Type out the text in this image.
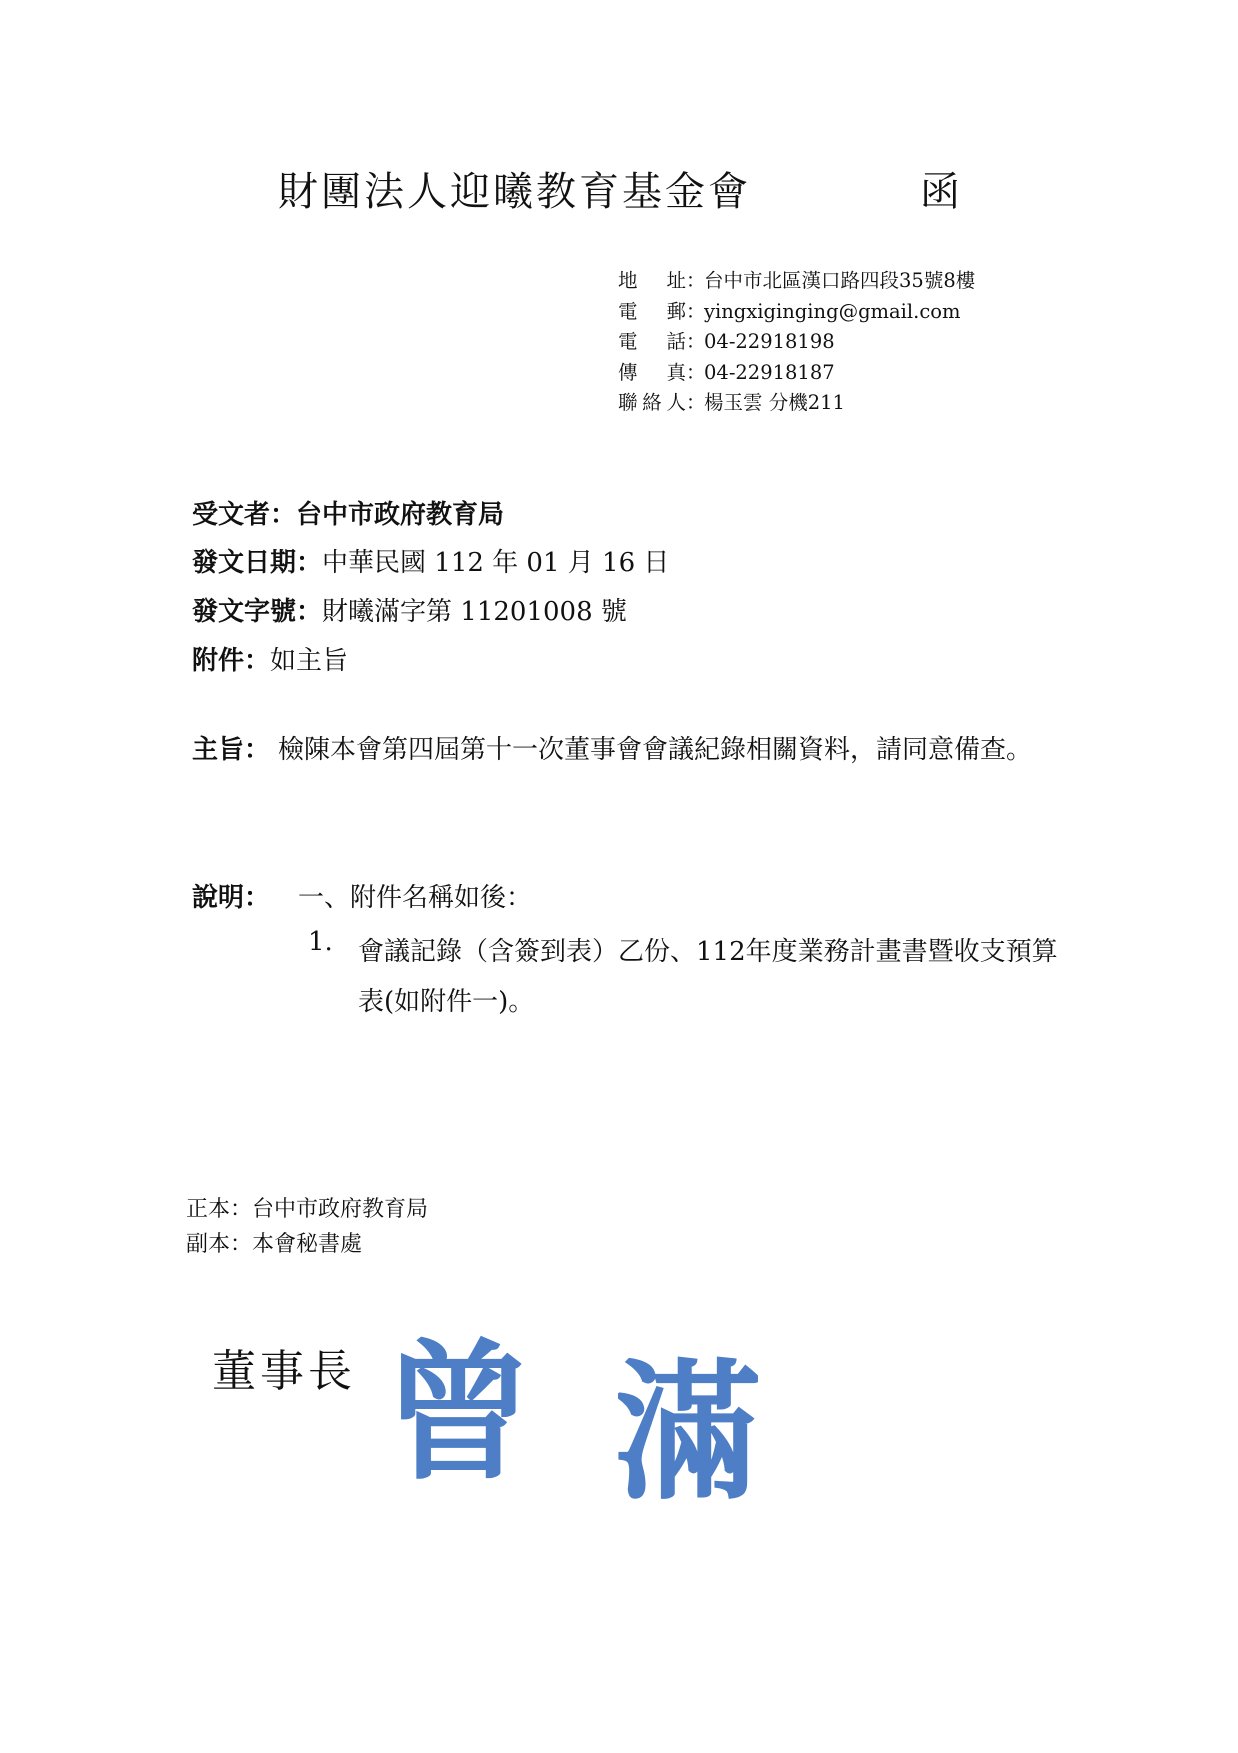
財團法人迎曦教育基金會	函
地址：台中市北區漢口路四段35號8樓
電郵：yingxiginging@gmail.com
電話：04-22918198
傳真：04-22918187
聯絡人：楊玉雲 分機211
受文者：台中市政府教育局
發文日期：中華民國 112 年 01 月 16 日
發文字號：財曦滿字第 11201008 號
附件：如主旨
主旨： 檢陳本會第四屆第十一次董事會會議紀錄相關資料，請同意備查。
說明： 一、附件名稱如後：
1. 會議記錄（含簽到表）乙份、112年度業務計畫書暨收支預算表(如附件一)。
正本：台中市政府教育局
副本：本會秘書處
董事長 曾 滿
